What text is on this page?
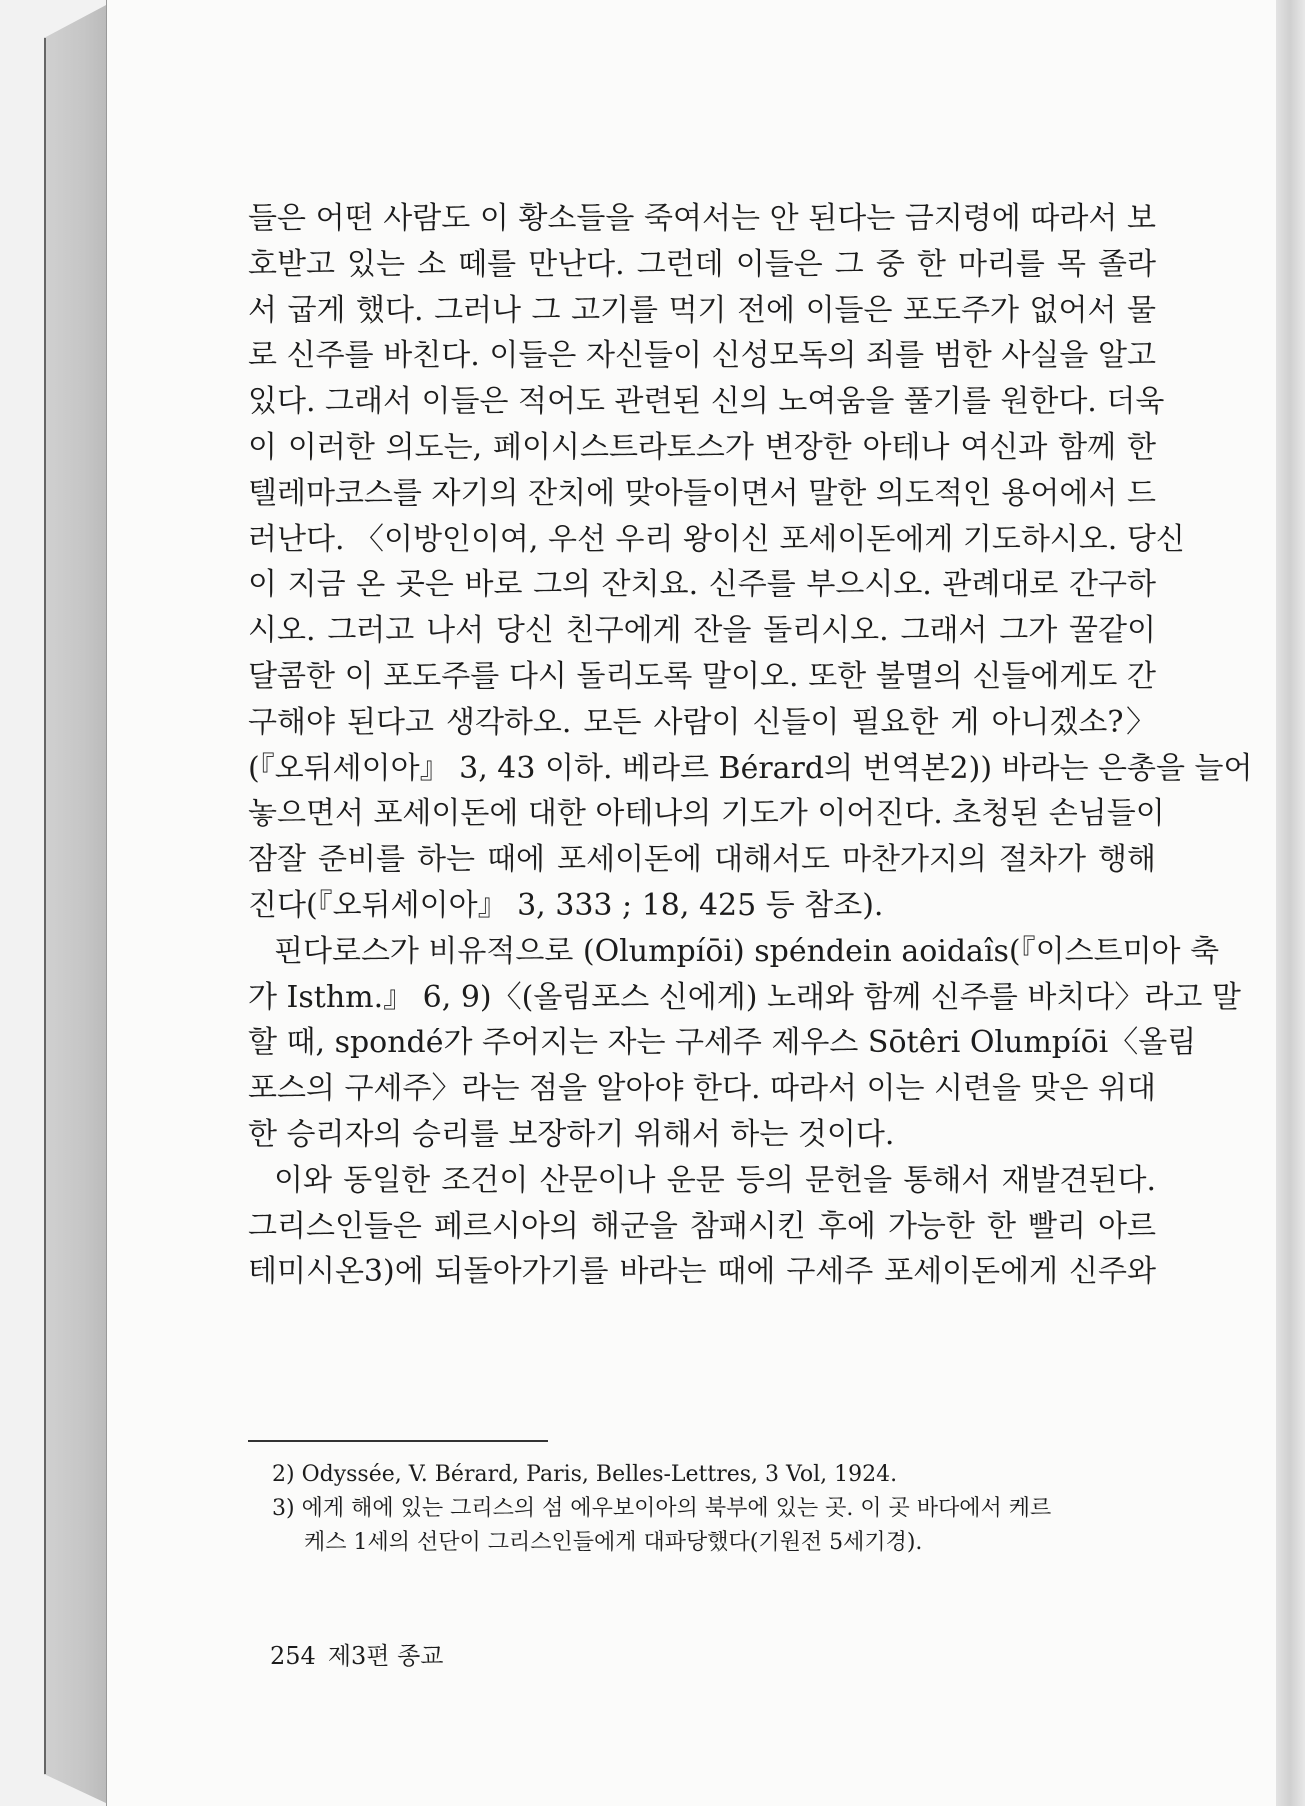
들은 어떤 사람도 이 황소들을 죽여서는 안 된다는 금지령에 따라서 보
호받고 있는 소 떼를 만난다. 그런데 이들은 그 중 한 마리를 목 졸라
서 굽게 했다. 그러나 그 고기를 먹기 전에 이들은 포도주가 없어서 물
로 신주를 바친다. 이들은 자신들이 신성모독의 죄를 범한 사실을 알고
있다. 그래서 이들은 적어도 관련된 신의 노여움을 풀기를 원한다. 더욱
이 이러한 의도는, 페이시스트라토스가 변장한 아테나 여신과 함께 한
텔레마코스를 자기의 잔치에 맞아들이면서 말한 의도적인 용어에서 드
러난다. 〈이방인이여, 우선 우리 왕이신 포세이돈에게 기도하시오. 당신
이 지금 온 곳은 바로 그의 잔치요. 신주를 부으시오. 관례대로 간구하
시오. 그러고 나서 당신 친구에게 잔을 돌리시오. 그래서 그가 꿀같이
달콤한 이 포도주를 다시 돌리도록 말이오. 또한 불멸의 신들에게도 간
구해야 된다고 생각하오. 모든 사람이 신들이 필요한 게 아니겠소?〉
(『오뒤세이아』 3, 43 이하. 베라르 Bérard의 번역본2)) 바라는 은총을 늘어
놓으면서 포세이돈에 대한 아테나의 기도가 이어진다. 초청된 손님들이
잠잘 준비를 하는 때에 포세이돈에 대해서도 마찬가지의 절차가 행해
진다(『오뒤세이아』 3, 333 ; 18, 425 등 참조).
핀다로스가 비유적으로 (Olumpíōi) spéndein aoidaîs(『이스트미아 축
가 Isthm.』 6, 9)〈(올림포스 신에게) 노래와 함께 신주를 바치다〉라고 말
할 때, spondé가 주어지는 자는 구세주 제우스 Sōtêri Olumpíōi〈올림
포스의 구세주〉라는 점을 알아야 한다. 따라서 이는 시련을 맞은 위대
한 승리자의 승리를 보장하기 위해서 하는 것이다.
이와 동일한 조건이 산문이나 운문 등의 문헌을 통해서 재발견된다.
그리스인들은 페르시아의 해군을 참패시킨 후에 가능한 한 빨리 아르
테미시온3)에 되돌아가기를 바라는 때에 구세주 포세이돈에게 신주와
2) Odyssée, V. Bérard, Paris, Belles-Lettres, 3 Vol, 1924.
3) 에게 해에 있는 그리스의 섬 에우보이아의 북부에 있는 곳. 이 곳 바다에서 케르
케스 1세의 선단이 그리스인들에게 대파당했다(기원전 5세기경).
254 제3편 종교
